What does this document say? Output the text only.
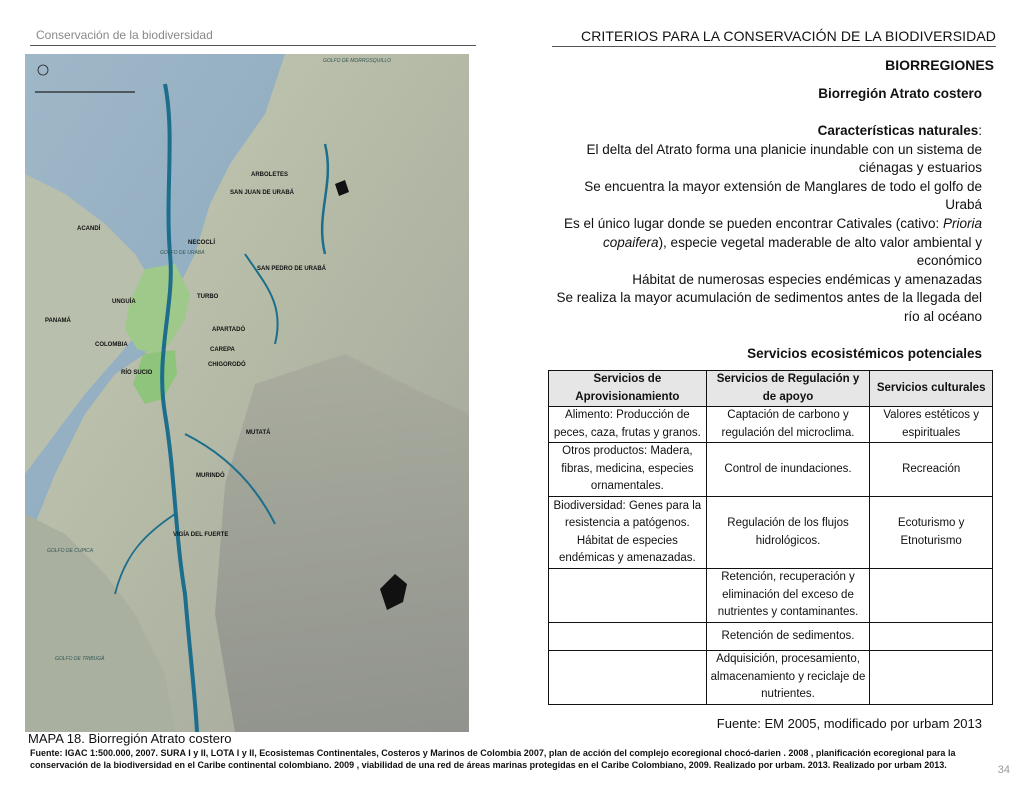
Conservación de la biodiversidad	CRITERIOS PARA LA CONSERVACIÓN DE LA BIODIVERSIDAD
BIORREGIONES
Biorregión Atrato costero

Características naturales:

El delta del Atrato forma una planicie inundable con un sistema de ciénagas y estuarios

Se encuentra la mayor extensión de Manglares de todo el golfo de Urabá

Es el único lugar donde se pueden encontrar Cativales (cativo: Prioria copaifera), especie vegetal maderable de alto valor ambiental y económico

Hábitat de numerosas especies endémicas y amenazadas

Se realiza la mayor acumulación de sedimentos antes de la llegada del río al océano

Servicios ecosistémicos potenciales
Servicios de Aprovisionamiento	Servicios de Regulación y de apoyo	Servicios culturales
Alimento: Producción de peces, caza, frutas y granos.	Captación de carbono y regulación del microclima.	Valores estéticos y espirituales
Otros productos: Madera, fibras, medicina, especies ornamentales.	Control de inundaciones.	Recreación
Biodiversidad: Genes para la resistencia a patógenos. Hábitat de especies endémicas y amenazadas.	Regulación de los flujos hidrológicos.	Ecoturismo y Etnoturismo
	Retención, recuperación y eliminación del exceso de nutrientes y contaminantes.	
	Retención de sedimentos.	
	Adquisición, procesamiento, almacenamiento y reciclaje de nutrientes.	
Fuente: EM 2005, modificado por urbam 2013
GOLFO DE MORROSQUILLO
ARBOLETES
SAN JUAN DE URABÁ
ACANDÍ
GOLFO DE URABÁ
NECOCLÍ
SAN PEDRO DE URABÁ
UNGUÍA
TURBO
PANAMÁ
APARTADÓ
CAREPA
COLOMBIA
CHIGORODÓ
RÍO SUCIO
MUTATÁ
MURINDÓ
VIGÍA DEL FUERTE
GOLFO DE CUPICA
GOLFO DE TRIBUGÁ
MAPA 18. Biorregión Atrato costero
Fuente: IGAC 1:500.000, 2007. SURA I y II, LOTA I y II, Ecosistemas Continentales, Costeros y Marinos de Colombia 2007, plan de acción del complejo ecoregional chocó-darien . 2008 , planificación ecoregional para la conservación de la biodiversidad en el Caribe continental colombiano. 2009 , viabilidad de una red de áreas marinas protegidas en el Caribe Colombiano, 2009. Realizado por urbam. 2013. Realizado por urbam 2013.	34
